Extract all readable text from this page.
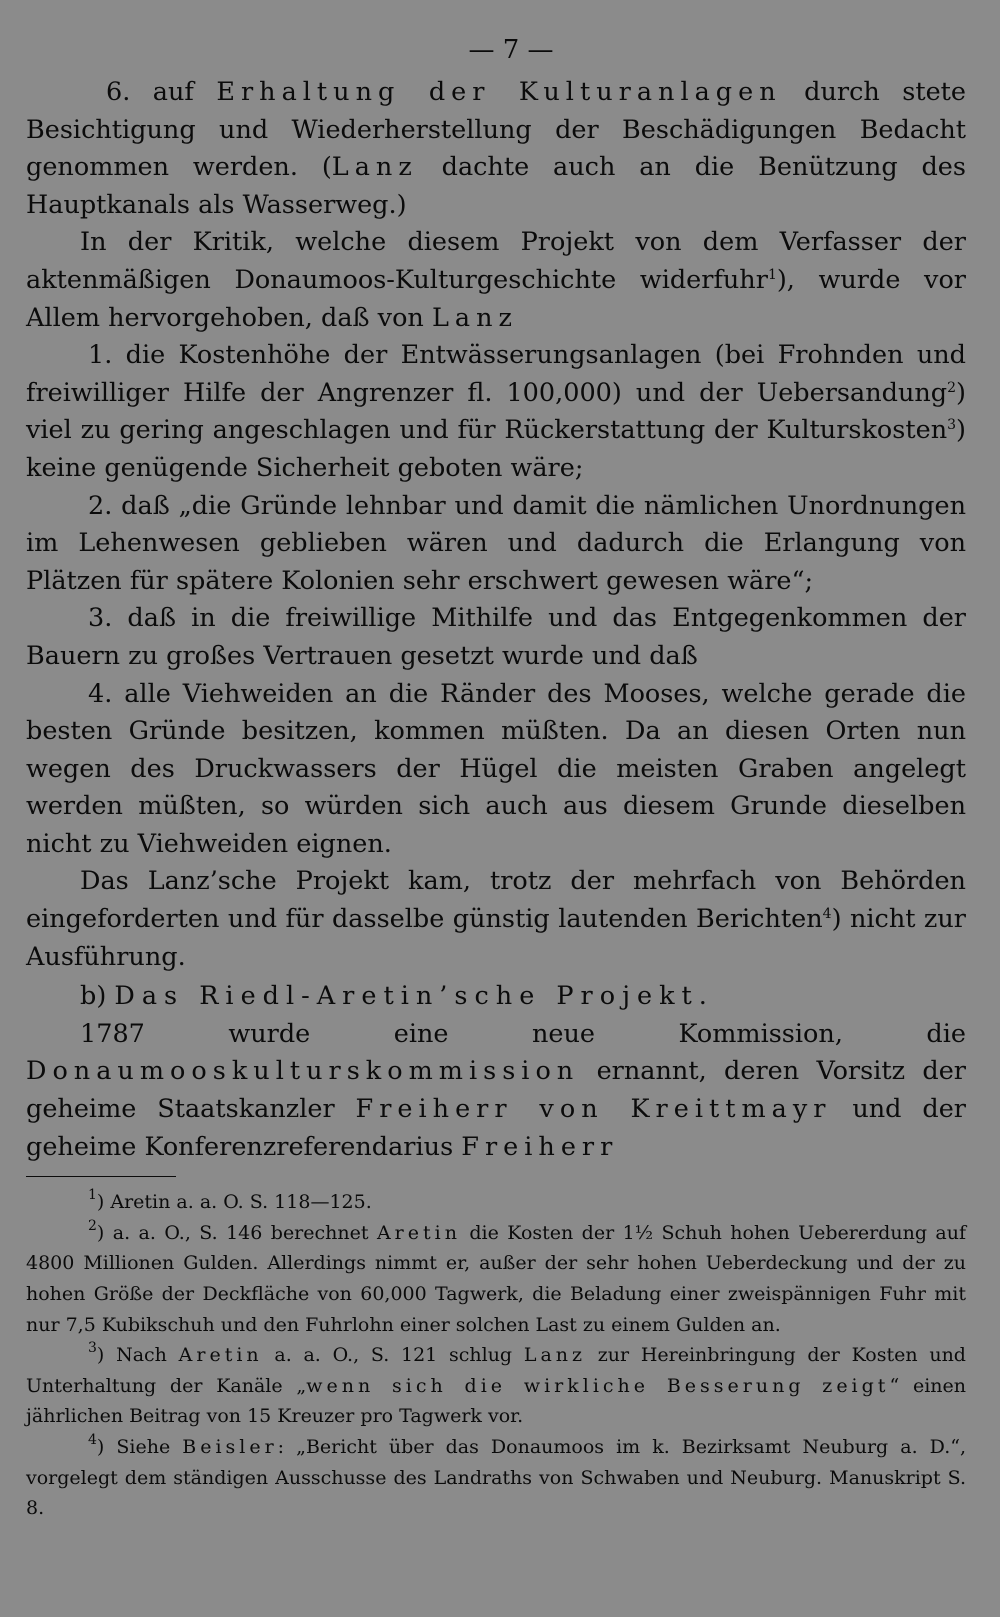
— 7 —

6. auf Erhaltung der Kulturanlagen durch stete Besichtigung und Wiederherstellung der Beschädigungen Bedacht genommen werden. (Lanz dachte auch an die Benützung des Hauptkanals als Wasserweg.)

In der Kritik, welche diesem Projekt von dem Verfasser der aktenmäßigen Donaumoos-Kulturgeschichte widerfuhr$^1$), wurde vor Allem hervorgehoben, daß von Lanz

1. die Kostenhöhe der Entwässerungsanlagen (bei Frohnden und freiwilliger Hilfe der Angrenzer fl. 100,000) und der Uebersandung$^2$) viel zu gering angeschlagen und für Rückerstattung der Kulturskosten$^3$) keine genügende Sicherheit geboten wäre;

2. daß „die Gründe lehnbar und damit die nämlichen Unordnungen im Lehenwesen geblieben wären und dadurch die Erlangung von Plätzen für spätere Kolonien sehr erschwert gewesen wäre“;

3. daß in die freiwillige Mithilfe und das Entgegenkommen der Bauern zu großes Vertrauen gesetzt wurde und daß

4. alle Viehweiden an die Ränder des Mooses, welche gerade die besten Gründe besitzen, kommen müßten. Da an diesen Orten nun wegen des Druckwassers der Hügel die meisten Graben angelegt werden müßten, so würden sich auch aus diesem Grunde dieselben nicht zu Viehweiden eignen.

Das Lanz’sche Projekt kam, trotz der mehrfach von Behörden eingeforderten und für dasselbe günstig lautenden Berichten$^4$) nicht zur Ausführung.

b) Das Riedl-Aretin’sche Projekt.

1787 wurde eine neue Kommission, die Donaumooskulturskommission ernannt, deren Vorsitz der geheime Staatskanzler Freiherr von Kreittmayr und der geheime Konferenzreferendarius Freiherr

$^1$) Aretin a. a. O. S. 118—125.

$^2$) a. a. O., S. 146 berechnet Aretin die Kosten der 1½ Schuh hohen Uebererdung auf 4800 Millionen Gulden. Allerdings nimmt er, außer der sehr hohen Ueberdeckung und der zu hohen Größe der Deckfläche von 60,000 Tagwerk, die Beladung einer zweispännigen Fuhr mit nur 7,5 Kubikschuh und den Fuhrlohn einer solchen Last zu einem Gulden an.

$^3$) Nach Aretin a. a. O., S. 121 schlug Lanz zur Hereinbringung der Kosten und Unterhaltung der Kanäle „wenn sich die wirkliche Besserung zeigt“ einen jährlichen Beitrag von 15 Kreuzer pro Tagwerk vor.

$^4$) Siehe Beisler: „Bericht über das Donaumoos im k. Bezirksamt Neuburg a. D.“, vorgelegt dem ständigen Ausschusse des Landraths von Schwaben und Neuburg. Manuskript S. 8.
